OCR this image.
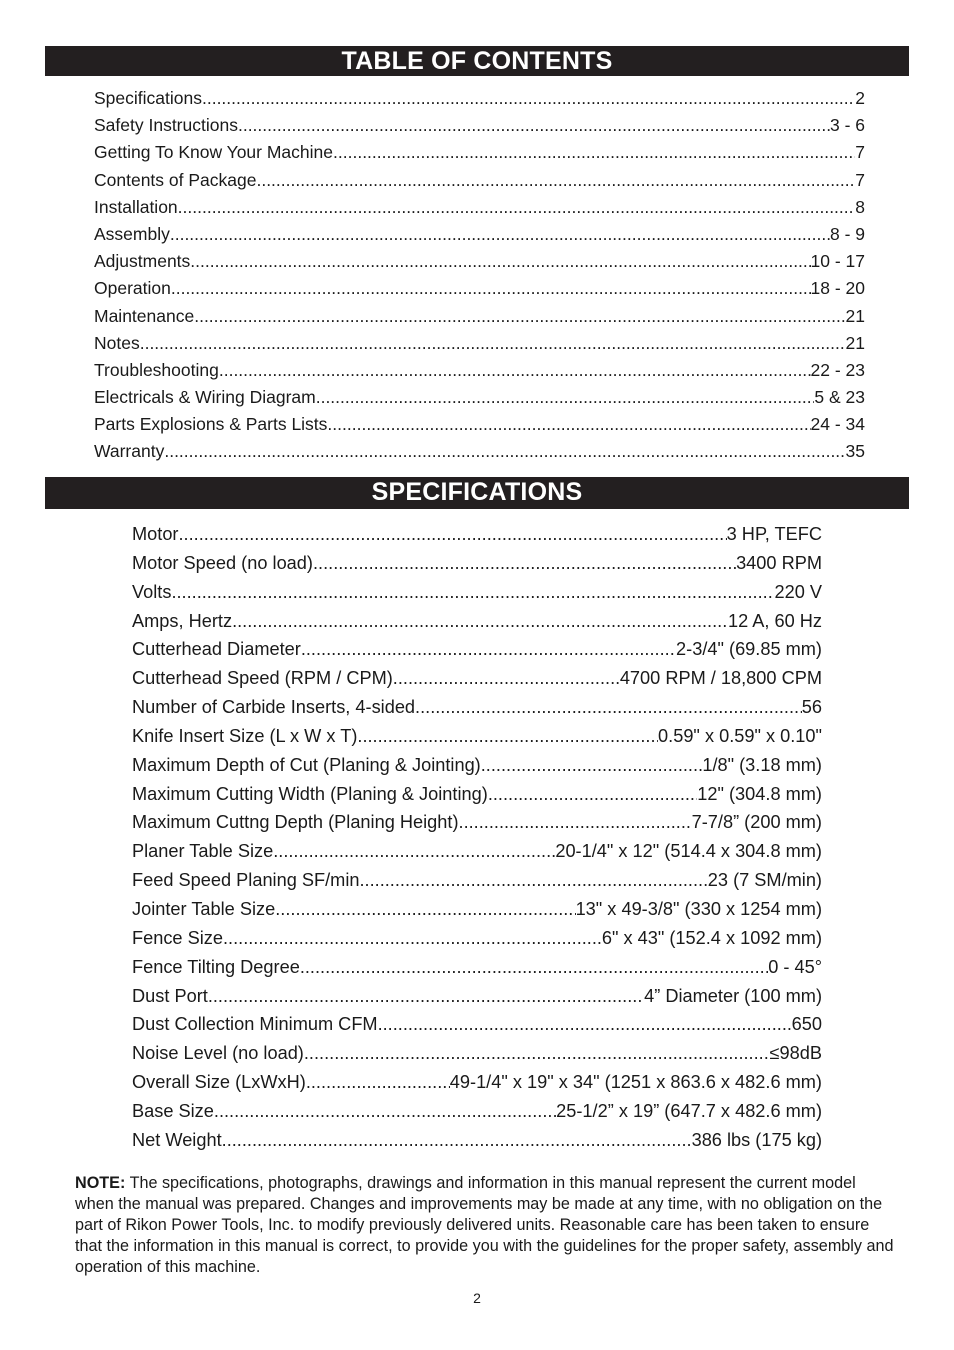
TABLE OF CONTENTS
Specifications .....	2
Safety Instructions .....	3 - 6
Getting To Know Your Machine .....	7
Contents of Package .....	7
Installation .....	8
Assembly .....	8 - 9
Adjustments .....	10 - 17
Operation .....	18 - 20
Maintenance .....	21
Notes .....	21
Troubleshooting .....	22 - 23
Electricals & Wiring Diagram .....	5 & 23
Parts Explosions & Parts Lists .....	24 - 34
Warranty .....	35
SPECIFICATIONS
Motor .....	3 HP, TEFC
Motor Speed (no load) .....	3400 RPM
Volts .....	220 V
Amps, Hertz .....	12 A, 60 Hz
Cutterhead Diameter .....	2-3/4" (69.85 mm)
Cutterhead Speed (RPM / CPM) .....	4700 RPM / 18,800 CPM
Number of Carbide Inserts, 4-sided .....	56
Knife Insert Size (L x W x T) .....	0.59" x 0.59" x 0.10"
Maximum Depth of Cut (Planing & Jointing) .....	1/8" (3.18 mm)
Maximum Cutting Width (Planing & Jointing) .....	12" (304.8 mm)
Maximum Cuttng Depth (Planing Height) .....	7-7/8” (200 mm)
Planer Table Size .....	20-1/4" x 12" (514.4 x 304.8 mm)
Feed Speed Planing SF/min .....	23 (7 SM/min)
Jointer Table Size .....	13" x 49-3/8" (330 x 1254 mm)
Fence Size .....	6" x 43" (152.4 x 1092 mm)
Fence Tilting Degree .....	0 - 45°
Dust Port .....	4” Diameter (100 mm)
Dust Collection Minimum CFM .....	650
Noise Level (no load) .....	≤98dB
Overall Size (LxWxH) .....	49-1/4" x 19" x 34" (1251 x 863.6 x 482.6 mm)
Base Size .....	25-1/2” x 19” (647.7 x 482.6 mm)
Net Weight .....	386 lbs (175 kg)
NOTE: The specifications, photographs, drawings and information in this manual represent the current model when the manual was prepared. Changes and improvements may be made at any time, with no obligation on the part of Rikon Power Tools, Inc. to modify previously delivered units. Reasonable care has been taken to ensure that the information in this manual is correct, to provide you with the guidelines for the proper safety, assembly and operation of this machine.
2
